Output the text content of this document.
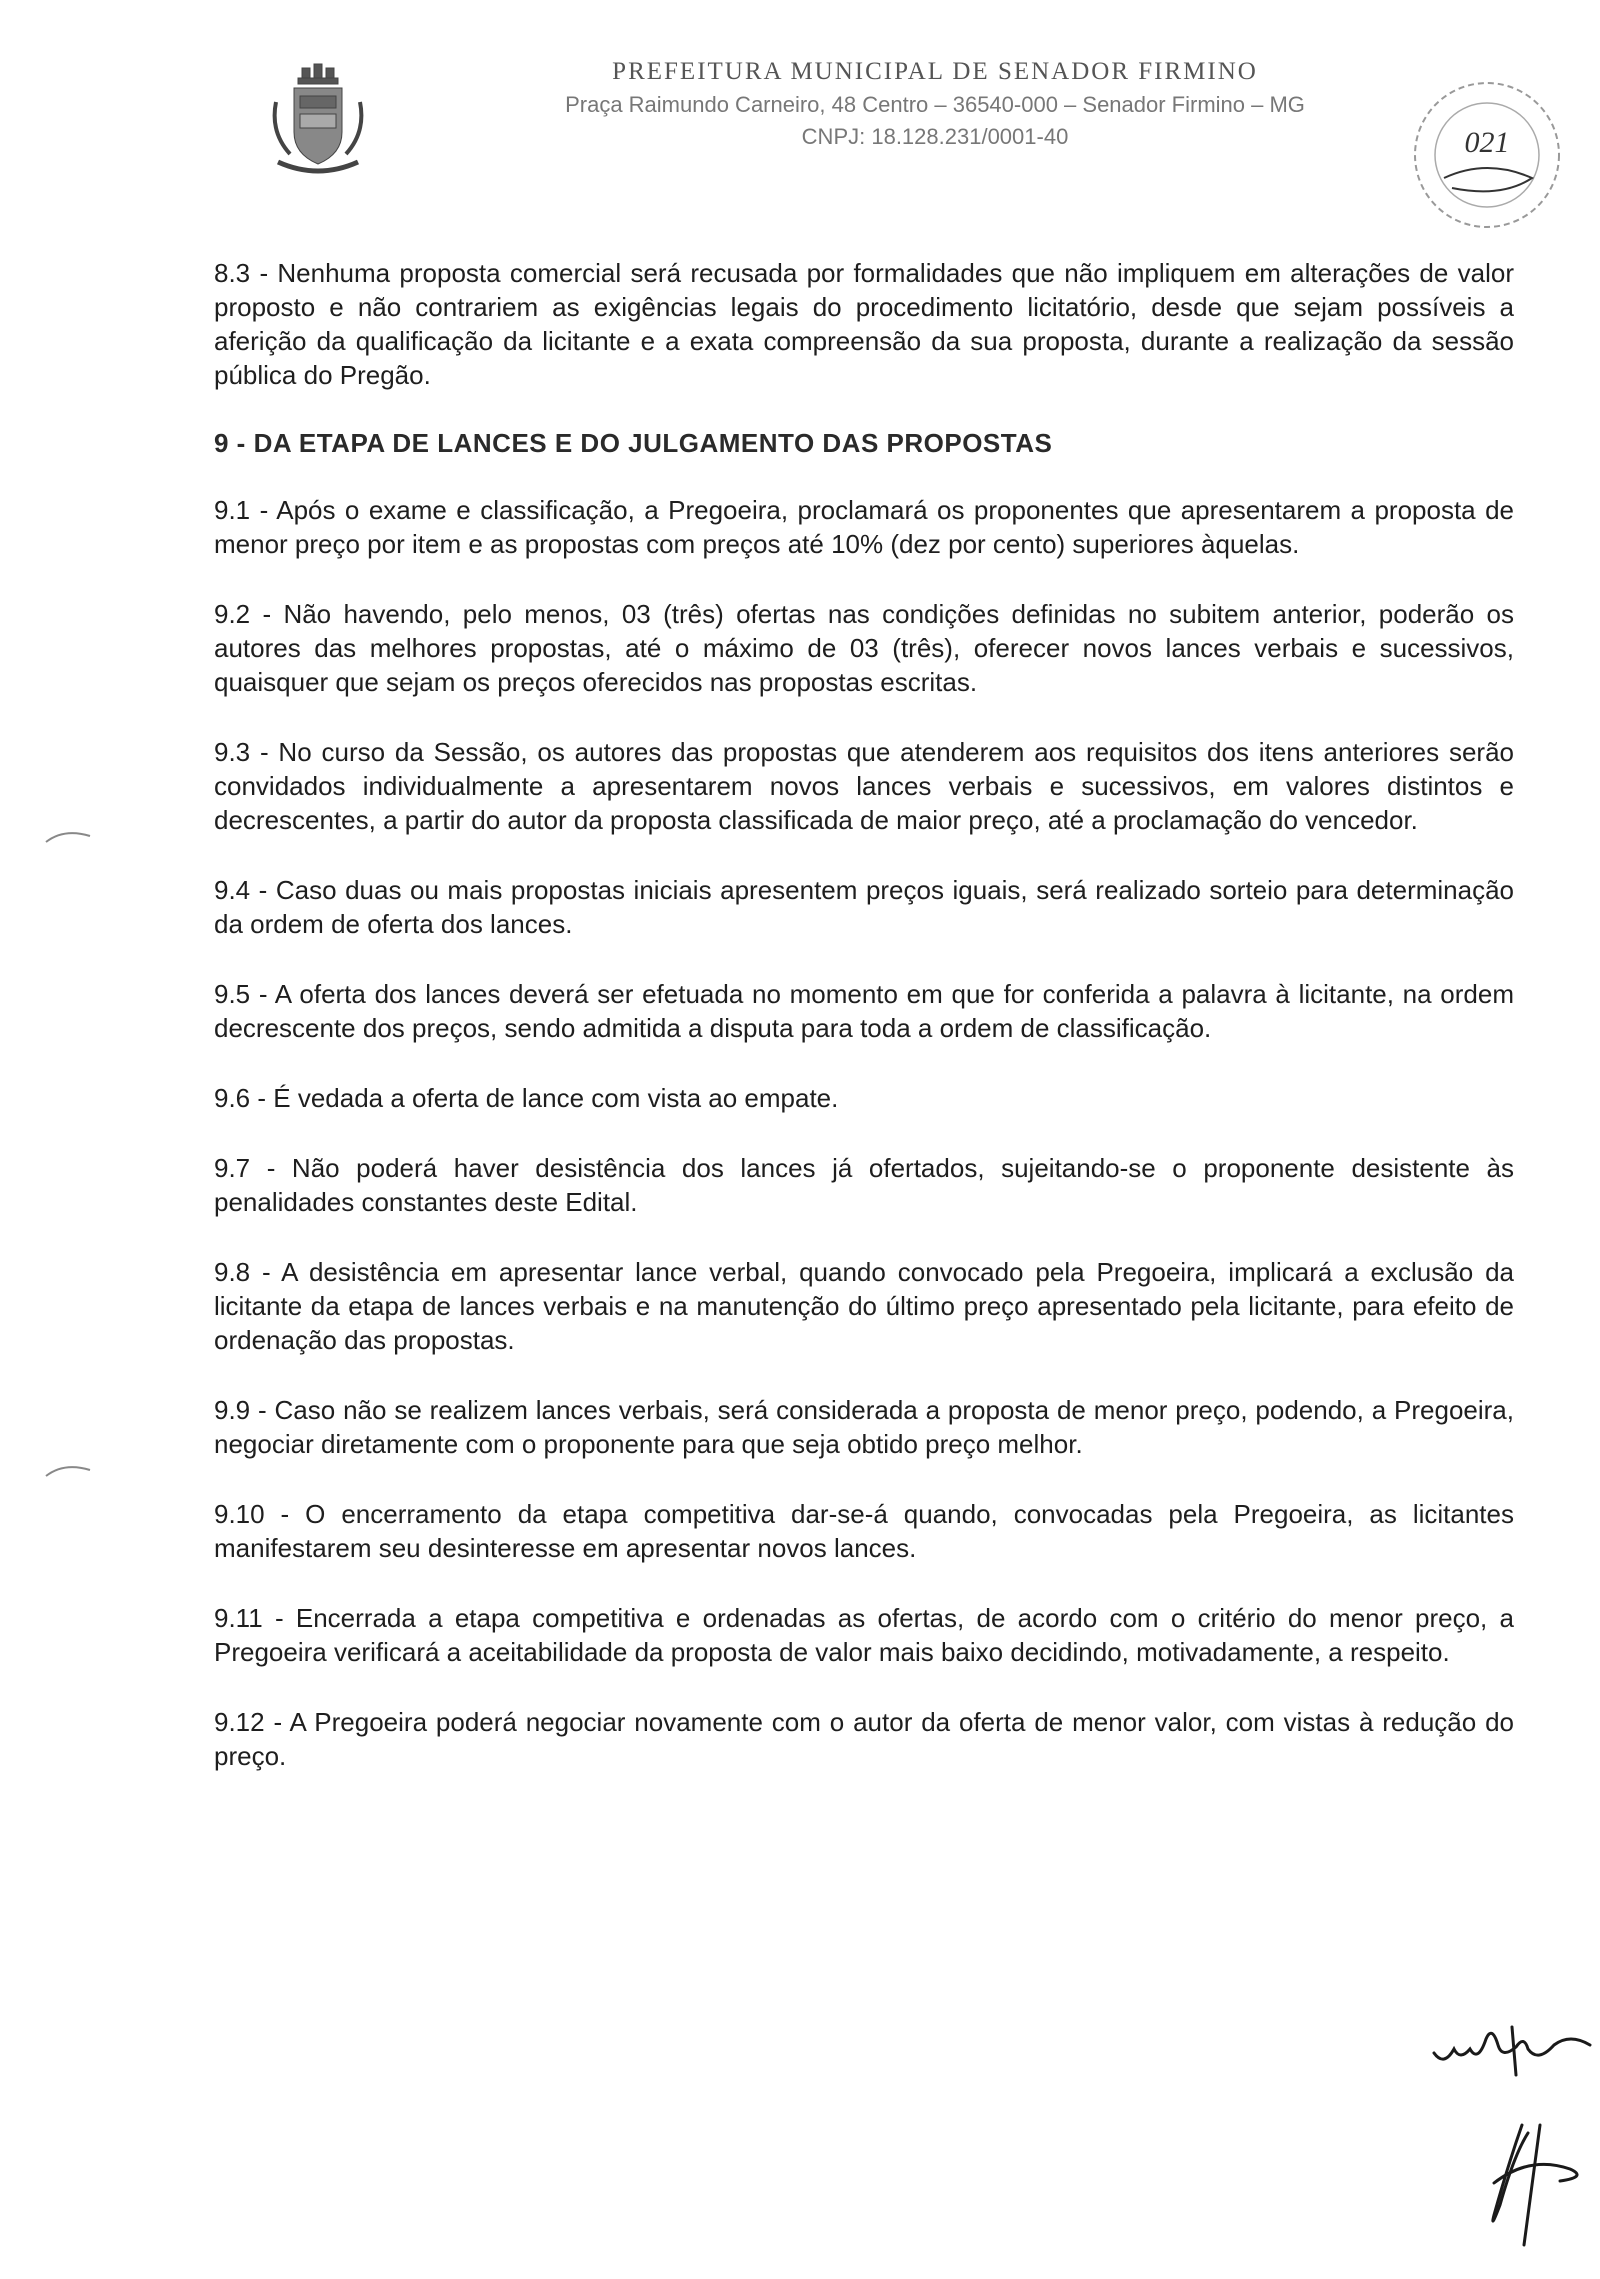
PREFEITURA MUNICIPAL DE SENADOR FIRMINO
Praça Raimundo Carneiro, 48 Centro – 36540-000 – Senador Firmino – MG
CNPJ: 18.128.231/0001-40	021

8.3 - Nenhuma proposta comercial será recusada por formalidades que não impliquem em alterações de valor proposto e não contrariem as exigências legais do procedimento licitatório, desde que sejam possíveis a aferição da qualificação da licitante e a exata compreensão da sua proposta, durante a realização da sessão pública do Pregão.

9 - DA ETAPA DE LANCES E DO JULGAMENTO DAS PROPOSTAS

9.1 - Após o exame e classificação, a Pregoeira, proclamará os proponentes que apresentarem a proposta de menor preço por item e as propostas com preços até 10% (dez por cento) superiores àquelas.

9.2 - Não havendo, pelo menos, 03 (três) ofertas nas condições definidas no subitem anterior, poderão os autores das melhores propostas, até o máximo de 03 (três), oferecer novos lances verbais e sucessivos, quaisquer que sejam os preços oferecidos nas propostas escritas.

9.3 - No curso da Sessão, os autores das propostas que atenderem aos requisitos dos itens anteriores serão convidados individualmente a apresentarem novos lances verbais e sucessivos, em valores distintos e decrescentes, a partir do autor da proposta classificada de maior preço, até a proclamação do vencedor.

9.4 - Caso duas ou mais propostas iniciais apresentem preços iguais, será realizado sorteio para determinação da ordem de oferta dos lances.

9.5 - A oferta dos lances deverá ser efetuada no momento em que for conferida a palavra à licitante, na ordem decrescente dos preços, sendo admitida a disputa para toda a ordem de classificação.

9.6 - É vedada a oferta de lance com vista ao empate.

9.7 - Não poderá haver desistência dos lances já ofertados, sujeitando-se o proponente desistente às penalidades constantes deste Edital.

9.8 - A desistência em apresentar lance verbal, quando convocado pela Pregoeira, implicará a exclusão da licitante da etapa de lances verbais e na manutenção do último preço apresentado pela licitante, para efeito de ordenação das propostas.

9.9 - Caso não se realizem lances verbais, será considerada a proposta de menor preço, podendo, a Pregoeira, negociar diretamente com o proponente para que seja obtido preço melhor.

9.10 - O encerramento da etapa competitiva dar-se-á quando, convocadas pela Pregoeira, as licitantes manifestarem seu desinteresse em apresentar novos lances.

9.11 - Encerrada a etapa competitiva e ordenadas as ofertas, de acordo com o critério do menor preço, a Pregoeira verificará a aceitabilidade da proposta de valor mais baixo decidindo, motivadamente, a respeito.

9.12 - A Pregoeira poderá negociar novamente com o autor da oferta de menor valor, com vistas à redução do preço.
